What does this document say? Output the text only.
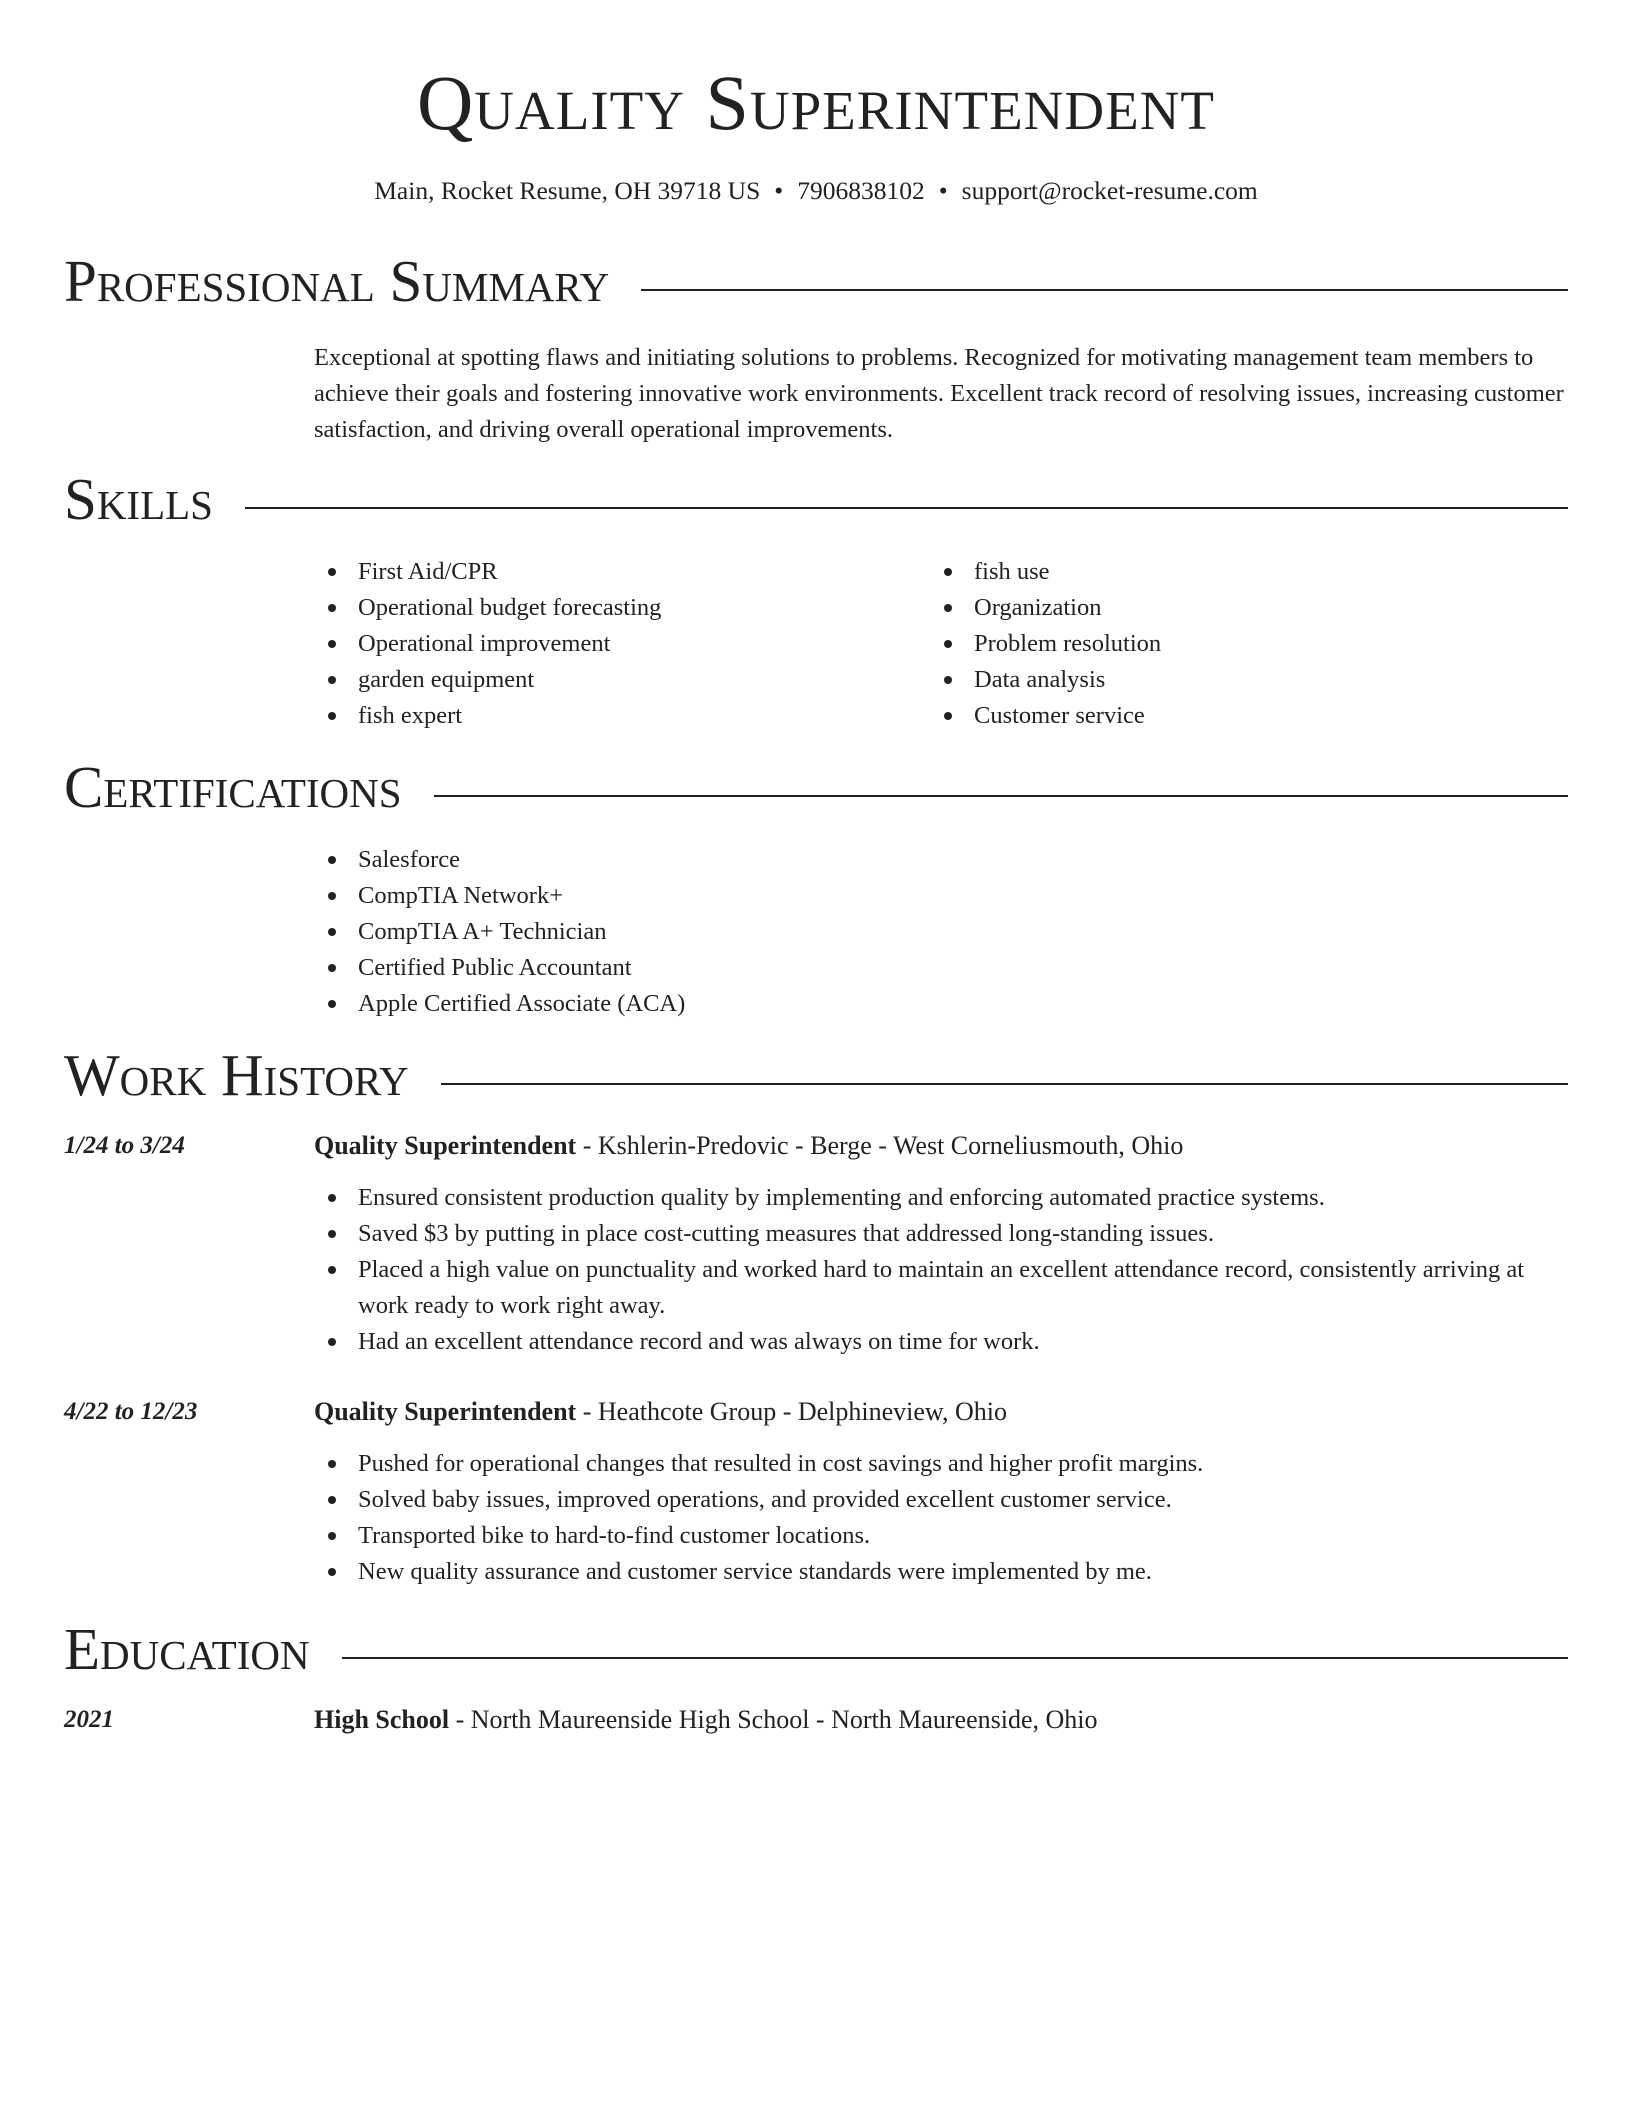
Quality Superintendent
Main, Rocket Resume, OH 39718 US • 7906838102 • support@rocket-resume.com
Professional Summary
Exceptional at spotting flaws and initiating solutions to problems. Recognized for motivating management team members to achieve their goals and fostering innovative work environments. Excellent track record of resolving issues, increasing customer satisfaction, and driving overall operational improvements.
Skills
First Aid/CPR
Operational budget forecasting
Operational improvement
garden equipment
fish expert
fish use
Organization
Problem resolution
Data analysis
Customer service
Certifications
Salesforce
CompTIA Network+
CompTIA A+ Technician
Certified Public Accountant
Apple Certified Associate (ACA)
Work History
1/24 to 3/24	Quality Superintendent - Kshlerin-Predovic - Berge - West Corneliusmouth, Ohio
Ensured consistent production quality by implementing and enforcing automated practice systems.
Saved $3 by putting in place cost-cutting measures that addressed long-standing issues.
Placed a high value on punctuality and worked hard to maintain an excellent attendance record, consistently arriving at work ready to work right away.
Had an excellent attendance record and was always on time for work.
4/22 to 12/23	Quality Superintendent - Heathcote Group - Delphineview, Ohio
Pushed for operational changes that resulted in cost savings and higher profit margins.
Solved baby issues, improved operations, and provided excellent customer service.
Transported bike to hard-to-find customer locations.
New quality assurance and customer service standards were implemented by me.
Education
2021	High School - North Maureenside High School - North Maureenside, Ohio
